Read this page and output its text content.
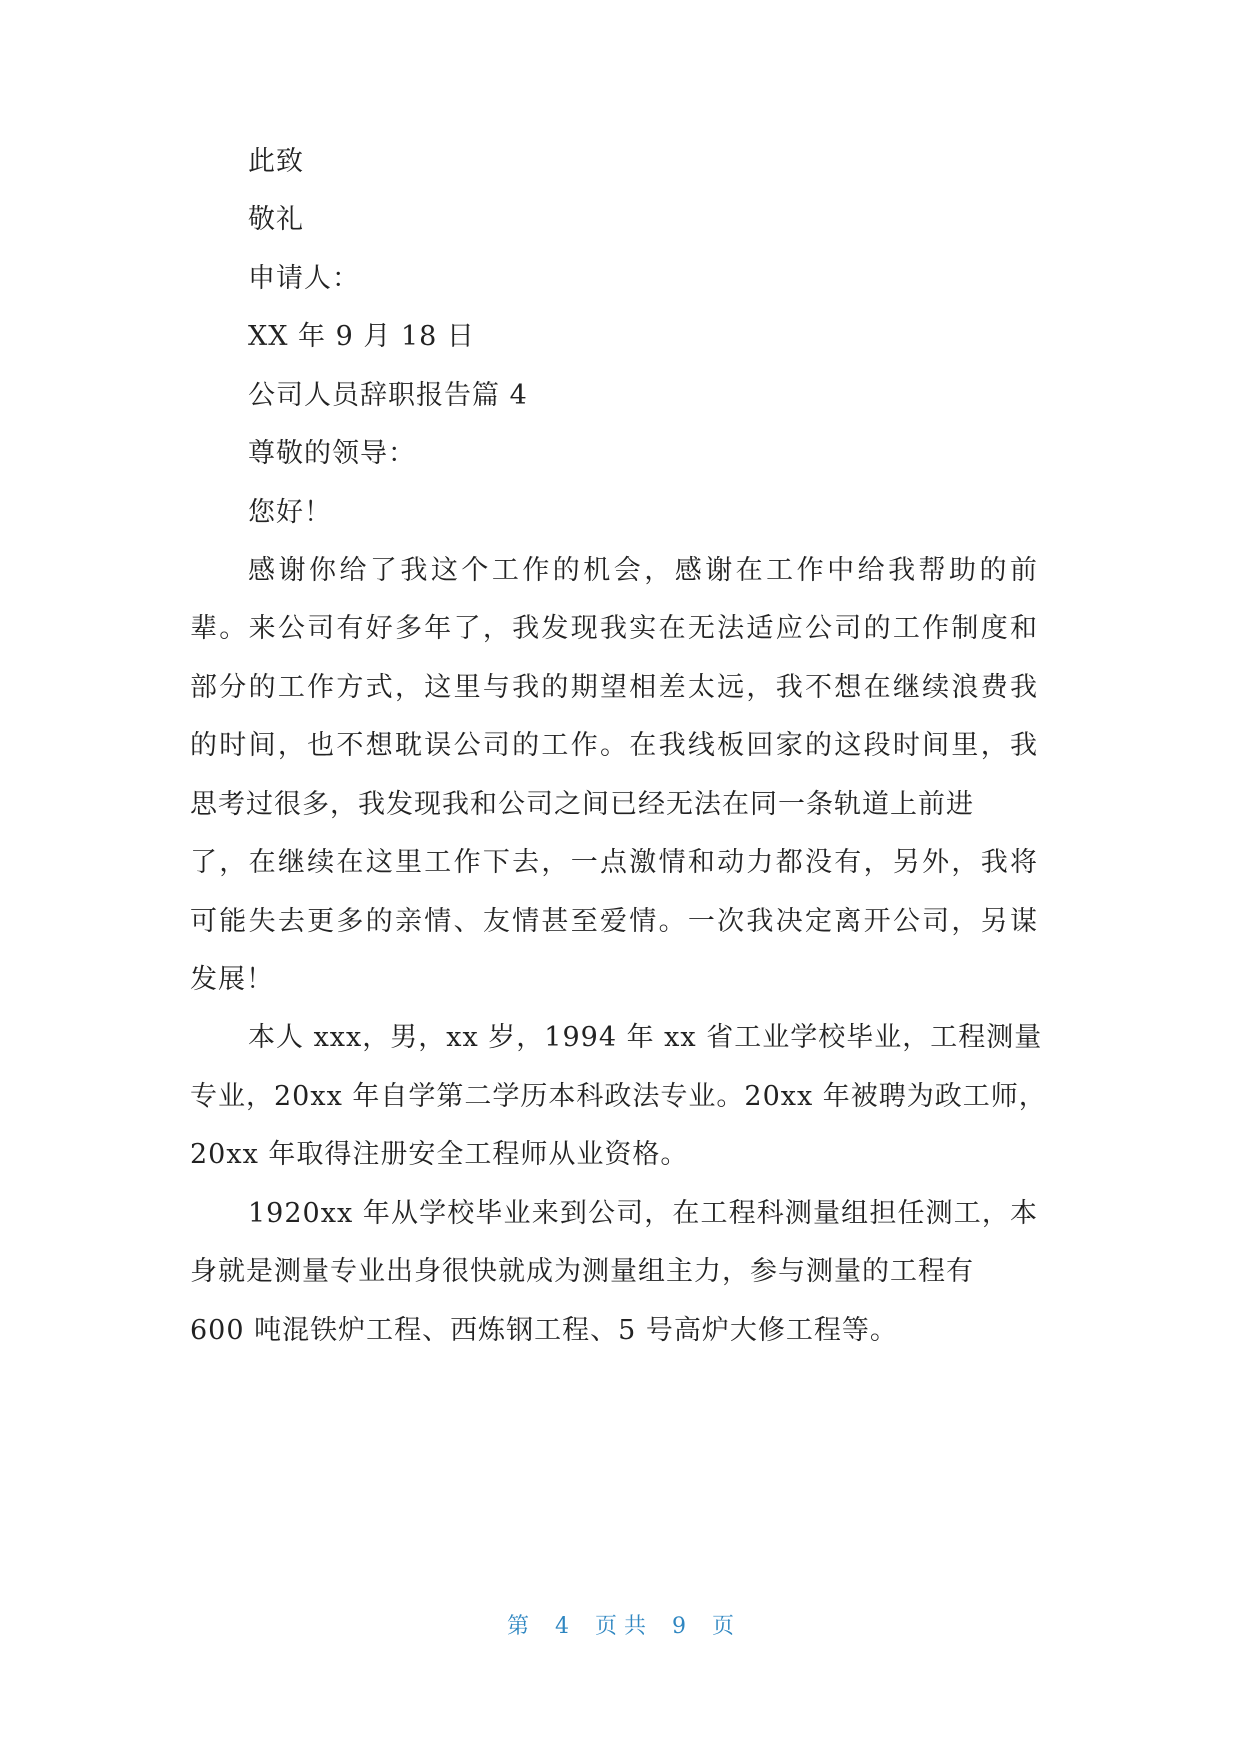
此致
敬礼
申请人：
XX 年 9 月 18 日
公司人员辞职报告篇 4
尊敬的领导：
您好！
感谢你给了我这个工作的机会，感谢在工作中给我帮助的前
辈。来公司有好多年了，我发现我实在无法适应公司的工作制度和
部分的工作方式，这里与我的期望相差太远，我不想在继续浪费我
的时间，也不想耽误公司的工作。在我线板回家的这段时间里，我
思考过很多，我发现我和公司之间已经无法在同一条轨道上前进
了，在继续在这里工作下去，一点激情和动力都没有，另外，我将
可能失去更多的亲情、友情甚至爱情。一次我决定离开公司，另谋
发展！
本人 xxx，男，xx 岁，1994 年 xx 省工业学校毕业，工程测量
专业，20xx 年自学第二学历本科政法专业。20xx 年被聘为政工师，
20xx 年取得注册安全工程师从业资格。
1920xx 年从学校毕业来到公司，在工程科测量组担任测工，本
身就是测量专业出身很快就成为测量组主力，参与测量的工程有
600 吨混铁炉工程、西炼钢工程、5 号高炉大修工程等。
第 4 页 共 9 页
